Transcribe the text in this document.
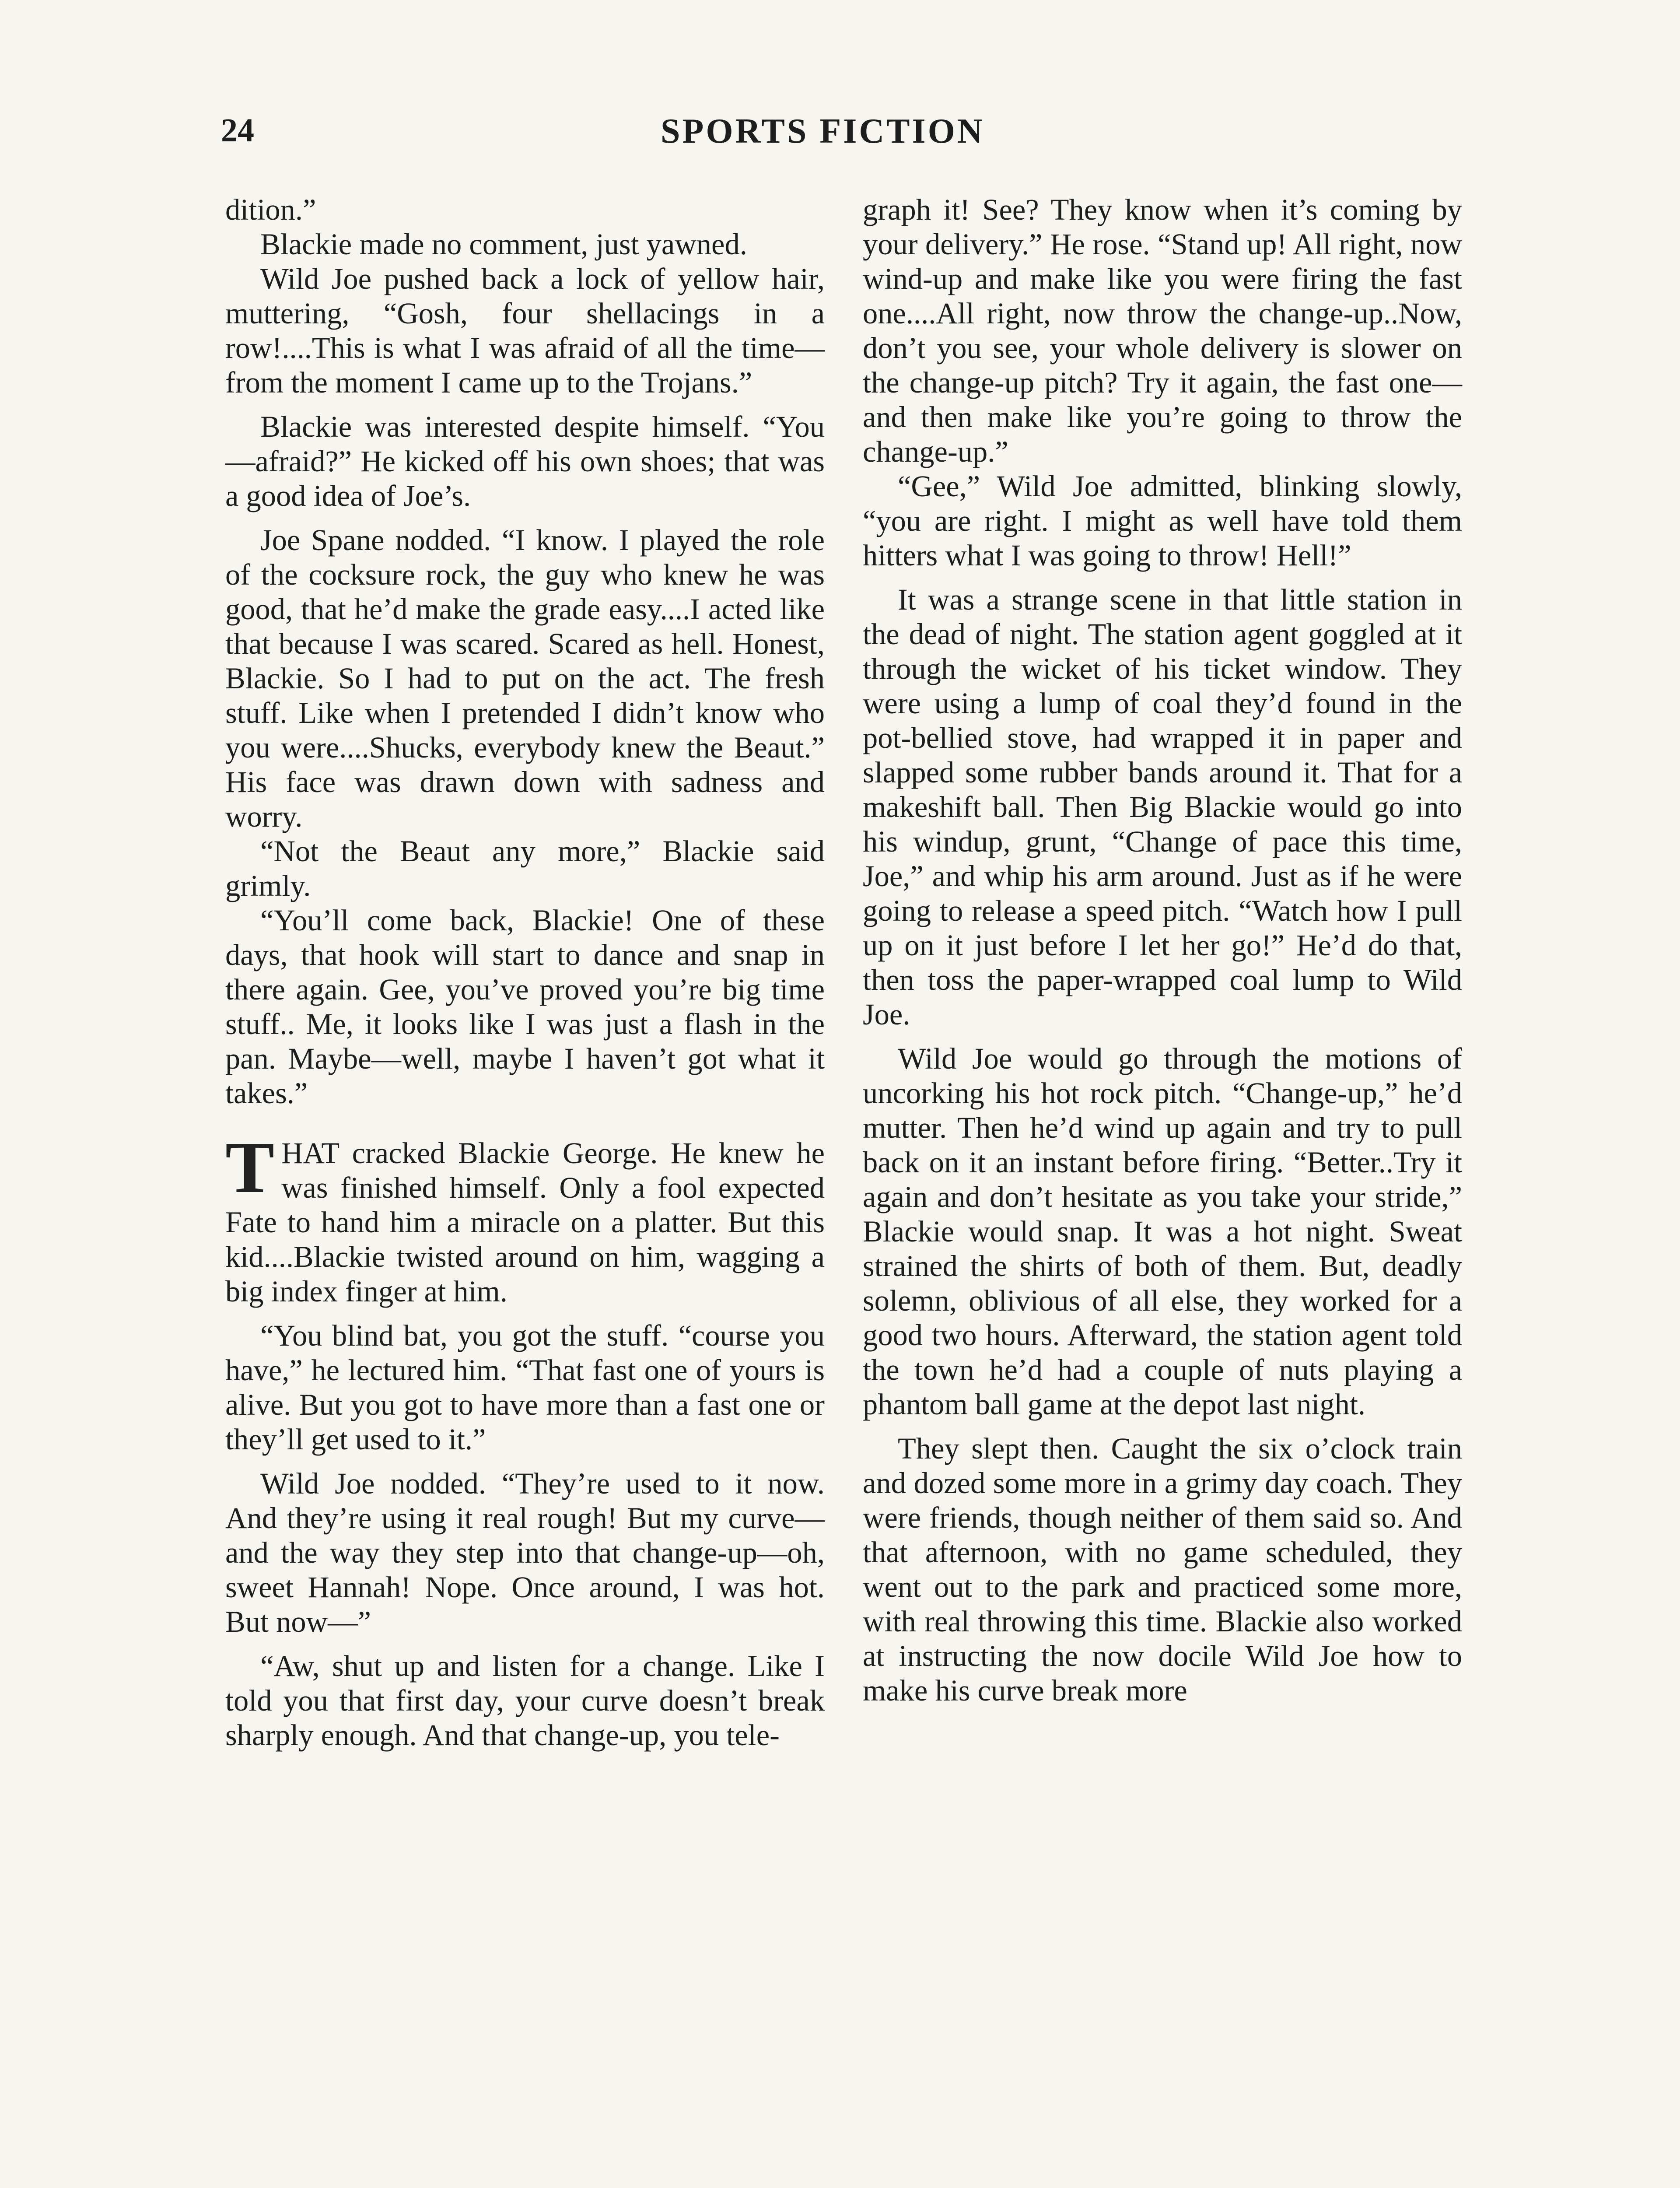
24	SPORTS FICTION

dition.”

Blackie made no comment, just yawned.

Wild Joe pushed back a lock of yellow hair, muttering, “Gosh, four shellacings in a row!....This is what I was afraid of all the time—from the moment I came up to the Trojans.”

Blackie was interested despite himself. “You—afraid?” He kicked off his own shoes; that was a good idea of Joe’s.

Joe Spane nodded. “I know. I played the role of the cocksure rock, the guy who knew he was good, that he’d make the grade easy....I acted like that because I was scared. Scared as hell. Honest, Blackie. So I had to put on the act. The fresh stuff. Like when I pretended I didn’t know who you were....Shucks, everybody knew the Beaut.” His face was drawn down with sadness and worry.

“Not the Beaut any more,” Blackie said grimly.

“You’ll come back, Blackie! One of these days, that hook will start to dance and snap in there again. Gee, you’ve proved you’re big time stuff.. Me, it looks like I was just a flash in the pan. Maybe—well, maybe I haven’t got what it takes.”

THAT cracked Blackie George. He knew he was finished himself. Only a fool expected Fate to hand him a miracle on a platter. But this kid....Blackie twisted around on him, wagging a big index finger at him.

“You blind bat, you got the stuff. “course you have,” he lectured him. “That fast one of yours is alive. But you got to have more than a fast one or they’ll get used to it.”

Wild Joe nodded. “They’re used to it now. And they’re using it real rough! But my curve—and the way they step into that change-up—oh, sweet Hannah! Nope. Once around, I was hot. But now—”

“Aw, shut up and listen for a change. Like I told you that first day, your curve doesn’t break sharply enough. And that change-up, you tele-

graph it! See? They know when it’s coming by your delivery.” He rose. “Stand up! All right, now wind-up and make like you were firing the fast one....All right, now throw the change-up..Now, don’t you see, your whole delivery is slower on the change-up pitch? Try it again, the fast one—and then make like you’re going to throw the change-up.”

“Gee,” Wild Joe admitted, blinking slowly, “you are right. I might as well have told them hitters what I was going to throw! Hell!”

It was a strange scene in that little station in the dead of night. The station agent goggled at it through the wicket of his ticket window. They were using a lump of coal they’d found in the pot-bellied stove, had wrapped it in paper and slapped some rubber bands around it. That for a makeshift ball. Then Big Blackie would go into his windup, grunt, “Change of pace this time, Joe,” and whip his arm around. Just as if he were going to release a speed pitch. “Watch how I pull up on it just before I let her go!” He’d do that, then toss the paper-wrapped coal lump to Wild Joe.

Wild Joe would go through the motions of uncorking his hot rock pitch. “Change-up,” he’d mutter. Then he’d wind up again and try to pull back on it an instant before firing. “Better..Try it again and don’t hesitate as you take your stride,” Blackie would snap. It was a hot night. Sweat strained the shirts of both of them. But, deadly solemn, oblivious of all else, they worked for a good two hours. Afterward, the station agent told the town he’d had a couple of nuts playing a phantom ball game at the depot last night.

They slept then. Caught the six o’clock train and dozed some more in a grimy day coach. They were friends, though neither of them said so. And that afternoon, with no game scheduled, they went out to the park and practiced some more, with real throwing this time. Blackie also worked at instructing the now docile Wild Joe how to make his curve break more
